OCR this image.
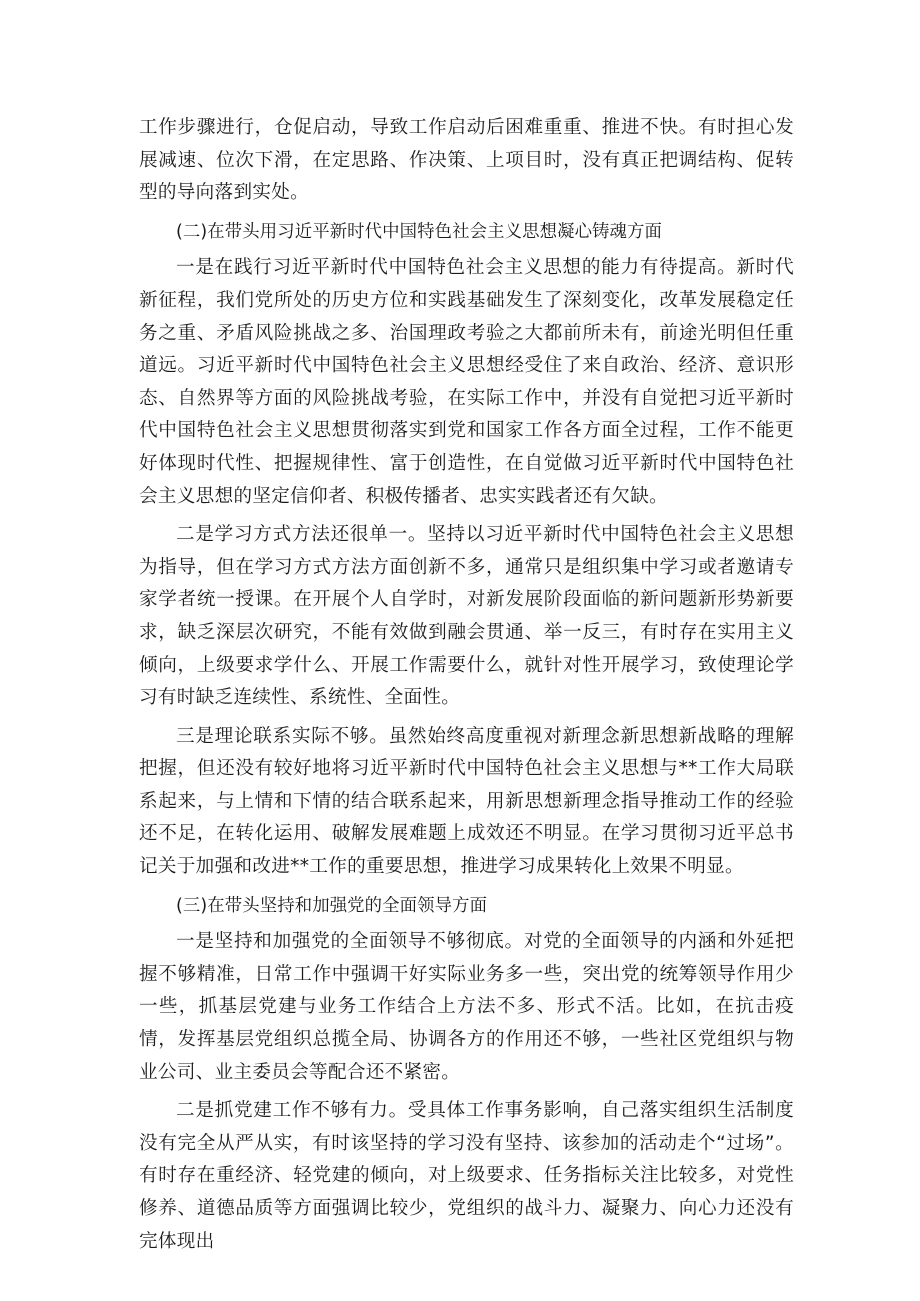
工作步骤进行，仓促启动，导致工作启动后困难重重、推进不快。有时担心发展减速、位次下滑，在定思路、作决策、上项目时，没有真正把调结构、促转型的导向落到实处。

(二)在带头用习近平新时代中国特色社会主义思想凝心铸魂方面

一是在践行习近平新时代中国特色社会主义思想的能力有待提高。新时代新征程，我们党所处的历史方位和实践基础发生了深刻变化，改革发展稳定任务之重、矛盾风险挑战之多、治国理政考验之大都前所未有，前途光明但任重道远。习近平新时代中国特色社会主义思想经受住了来自政治、经济、意识形态、自然界等方面的风险挑战考验，在实际工作中，并没有自觉把习近平新时代中国特色社会主义思想贯彻落实到党和国家工作各方面全过程，工作不能更好体现时代性、把握规律性、富于创造性，在自觉做习近平新时代中国特色社会主义思想的坚定信仰者、积极传播者、忠实实践者还有欠缺。

二是学习方式方法还很单一。坚持以习近平新时代中国特色社会主义思想为指导，但在学习方式方法方面创新不多，通常只是组织集中学习或者邀请专家学者统一授课。在开展个人自学时，对新发展阶段面临的新问题新形势新要求，缺乏深层次研究，不能有效做到融会贯通、举一反三，有时存在实用主义倾向，上级要求学什么、开展工作需要什么，就针对性开展学习，致使理论学习有时缺乏连续性、系统性、全面性。

三是理论联系实际不够。虽然始终高度重视对新理念新思想新战略的理解把握，但还没有较好地将习近平新时代中国特色社会主义思想与**工作大局联系起来，与上情和下情的结合联系起来，用新思想新理念指导推动工作的经验还不足，在转化运用、破解发展难题上成效还不明显。在学习贯彻习近平总书记关于加强和改进**工作的重要思想，推进学习成果转化上效果不明显。

(三)在带头坚持和加强党的全面领导方面

一是坚持和加强党的全面领导不够彻底。对党的全面领导的内涵和外延把握不够精准，日常工作中强调干好实际业务多一些，突出党的统筹领导作用少一些，抓基层党建与业务工作结合上方法不多、形式不活。比如，在抗击疫情，发挥基层党组织总揽全局、协调各方的作用还不够，一些社区党组织与物业公司、业主委员会等配合还不紧密。

二是抓党建工作不够有力。受具体工作事务影响，自己落实组织生活制度没有完全从严从实，有时该坚持的学习没有坚持、该参加的活动走个“过场”。有时存在重经济、轻党建的倾向，对上级要求、任务指标关注比较多，对党性修养、道德品质等方面强调比较少，党组织的战斗力、凝聚力、向心力还没有完体现出
